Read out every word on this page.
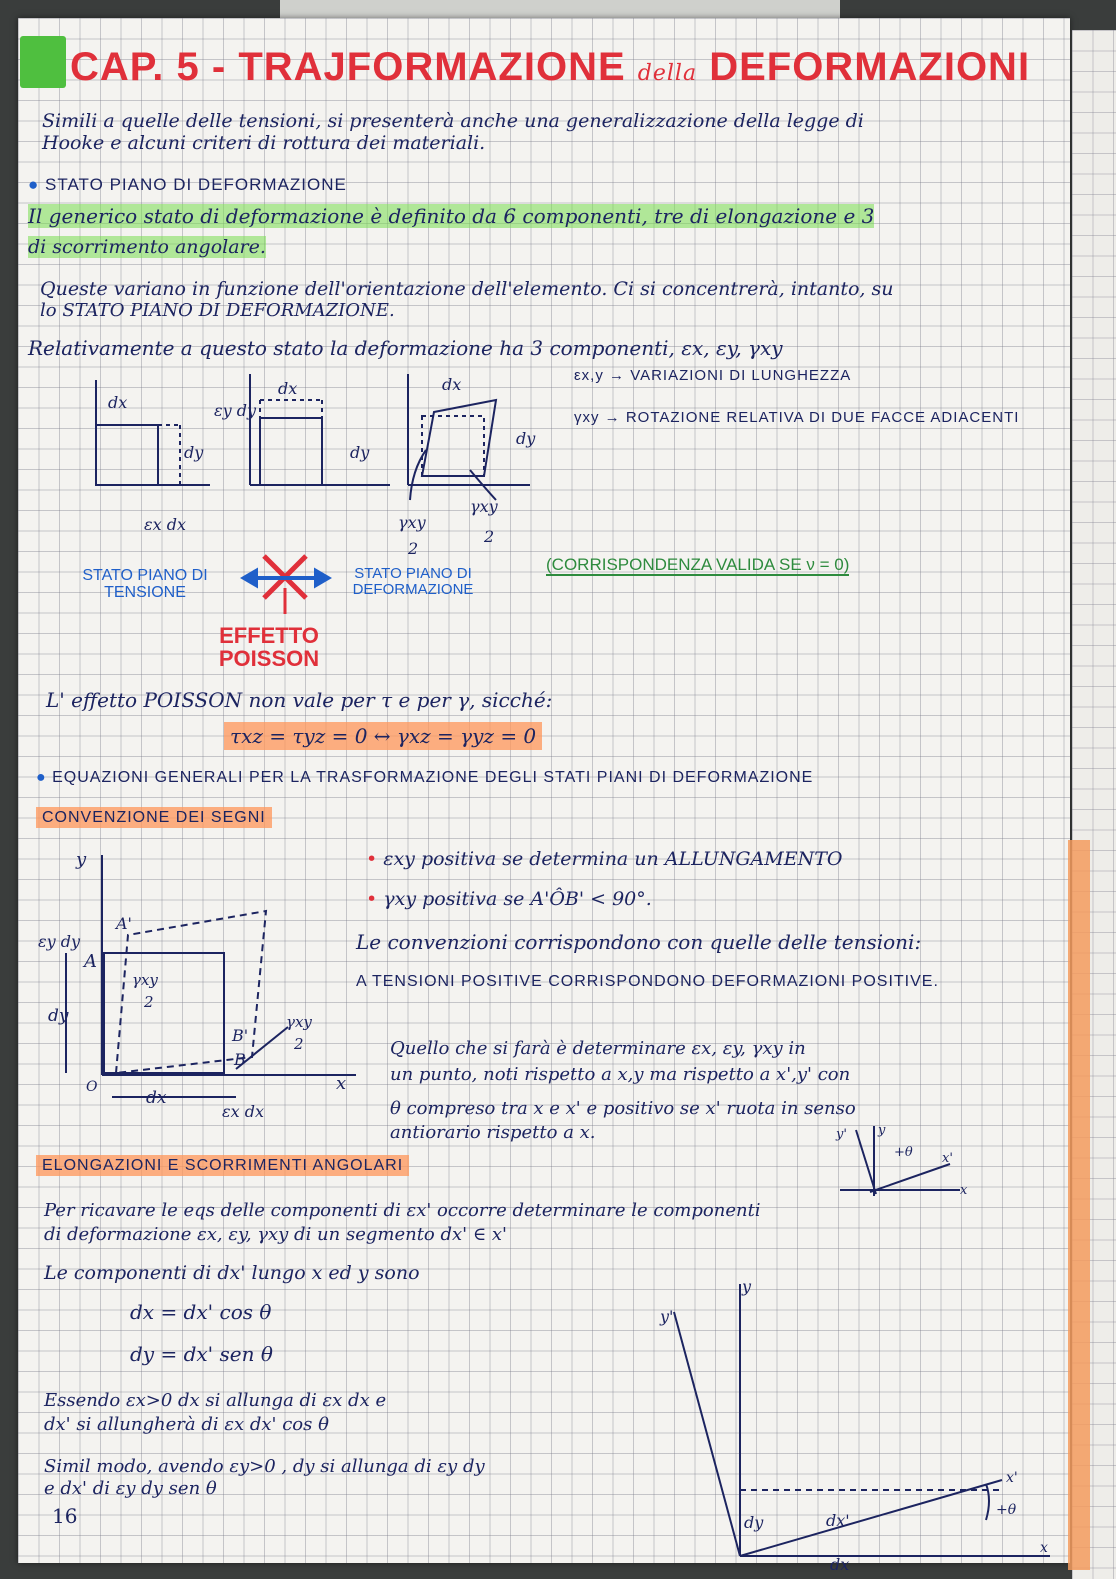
CAP. 5 - TRAJFORMAZIONE della DEFORMAZIONI
Simili a quelle delle tensioni, si presenterà anche una generalizzazione della legge di
Hooke e alcuni criteri di rottura dei materiali.
● STATO PIANO DI DEFORMAZIONE
Il generico stato di deformazione è definito da 6 componenti, tre di elongazione e 3
di scorrimento angolare.
Queste variano in funzione dell'orientazione dell'elemento. Ci si concentrerà, intanto, su
lo STATO PIANO DI DEFORMAZIONE.
Relativamente a questo stato la deformazione ha 3 componenti, εx, εy, γxy
εx,y → VARIAZIONI DI LUNGHEZZA
γxy → ROTAZIONE RELATIVA DI DUE FACCE ADIACENTI
dx
dy
εx dx
εy dy
dx
dy
dx
dy
γxy
2
γxy
2
STATO PIANO DI TENSIONE
STATO PIANO DI DEFORMAZIONE
(CORRISPONDENZA VALIDA SE ν = 0)
EFFETTO
POISSON
L' effetto POISSON non vale per τ e per γ, sicché:
τxz = τyz = 0 ↔ γxz = γyz = 0
● EQUAZIONI GENERALI PER LA TRASFORMAZIONE DEGLI STATI PIANI DI DEFORMAZIONE
CONVENZIONE DEI SEGNI
y
x
A
A'
B
B'
O
dy
dx
εy dy
εx dx
γxy
2
γxy
2
• εxy positiva se determina un ALLUNGAMENTO
• γxy positiva se A'ÔB' < 90°.
Le convenzioni corrispondono con quelle delle tensioni:
A TENSIONI POSITIVE CORRISPONDONO DEFORMAZIONI POSITIVE.
Quello che si farà è determinare εx, εy, γxy in
un punto, noti rispetto a x,y ma rispetto a x',y' con
θ compreso tra x e x' e positivo se x' ruota in senso
antiorario rispetto a x.
x
x'
y
y'
+θ
ELONGAZIONI E SCORRIMENTI ANGOLARI
Per ricavare le eqs delle componenti di εx' occorre determinare le componenti
di deformazione εx, εy, γxy di un segmento dx' ∈ x'
Le componenti di dx' lungo x ed y sono
dx = dx' cos θ
dy = dx' sen θ
Essendo εx>0 dx si allunga di εx dx e
dx' si allungherà di εx dx' cos θ
Simil modo, avendo εy>0 , dy si allunga di εy dy
e dx' di εy dy sen θ
y
y'
x'
x
+θ
dy	dx'
dx
16
